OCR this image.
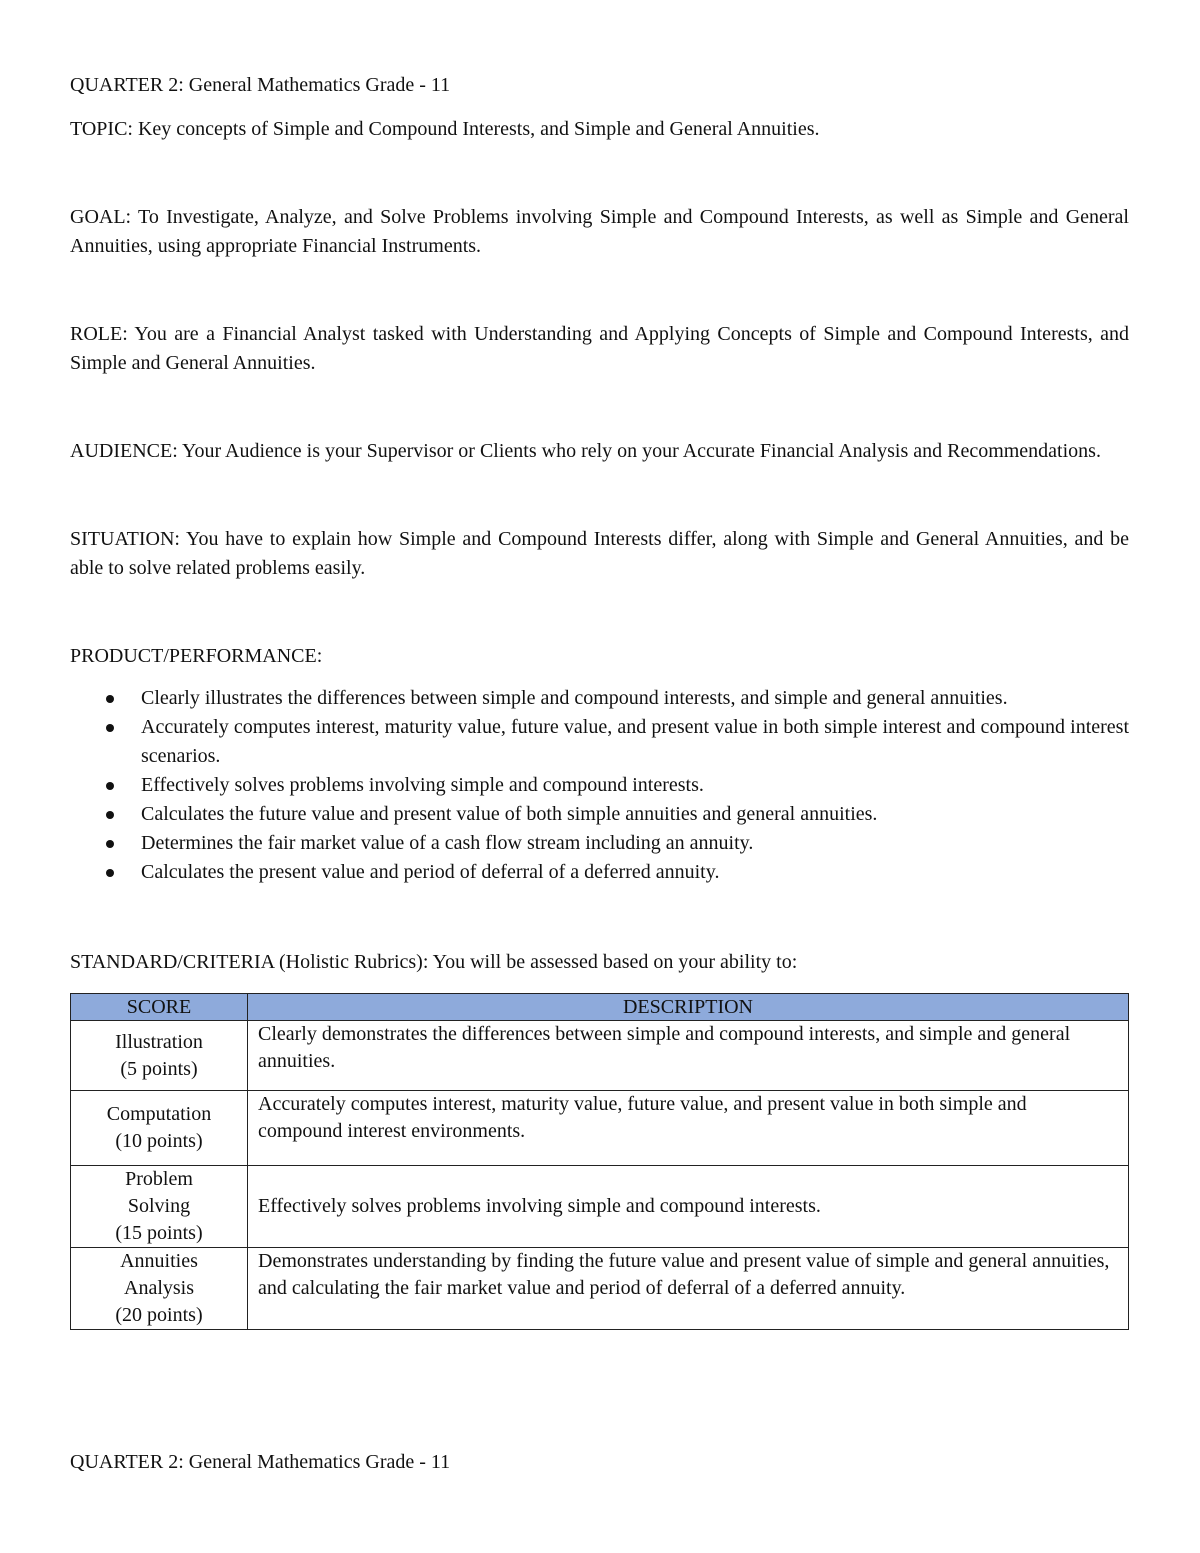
QUARTER 2: General Mathematics Grade - 11

TOPIC: Key concepts of Simple and Compound Interests, and Simple and General Annuities.

GOAL: To Investigate, Analyze, and Solve Problems involving Simple and Compound Interests, as well as Simple and General Annuities, using appropriate Financial Instruments.

ROLE: You are a Financial Analyst tasked with Understanding and Applying Concepts of Simple and Compound Interests, and Simple and General Annuities.

AUDIENCE: Your Audience is your Supervisor or Clients who rely on your Accurate Financial Analysis and Recommendations.

SITUATION: You have to explain how Simple and Compound Interests differ, along with Simple and General Annuities, and be able to solve related problems easily.

PRODUCT/PERFORMANCE:

Clearly illustrates the differences between simple and compound interests, and simple and general annuities.
Accurately computes interest, maturity value, future value, and present value in both simple interest and compound interest scenarios.
Effectively solves problems involving simple and compound interests.
Calculates the future value and present value of both simple annuities and general annuities.
Determines the fair market value of a cash flow stream including an annuity.
Calculates the present value and period of deferral of a deferred annuity.

STANDARD/CRITERIA (Holistic Rubrics): You will be assessed based on your ability to:

SCORE	DESCRIPTION

Illustration
(5 points)	Clearly demonstrates the differences between simple and compound interests, and simple and general annuities.

Computation
(10 points)	Accurately computes interest, maturity value, future value, and present value in both simple and compound interest environments.

Problem
Solving
(15 points)	Effectively solves problems involving simple and compound interests.

Annuities
Analysis
(20 points)	Demonstrates understanding by finding the future value and present value of simple and general annuities, and calculating the fair market value and period of deferral of a deferred annuity.

QUARTER 2: General Mathematics Grade - 11
